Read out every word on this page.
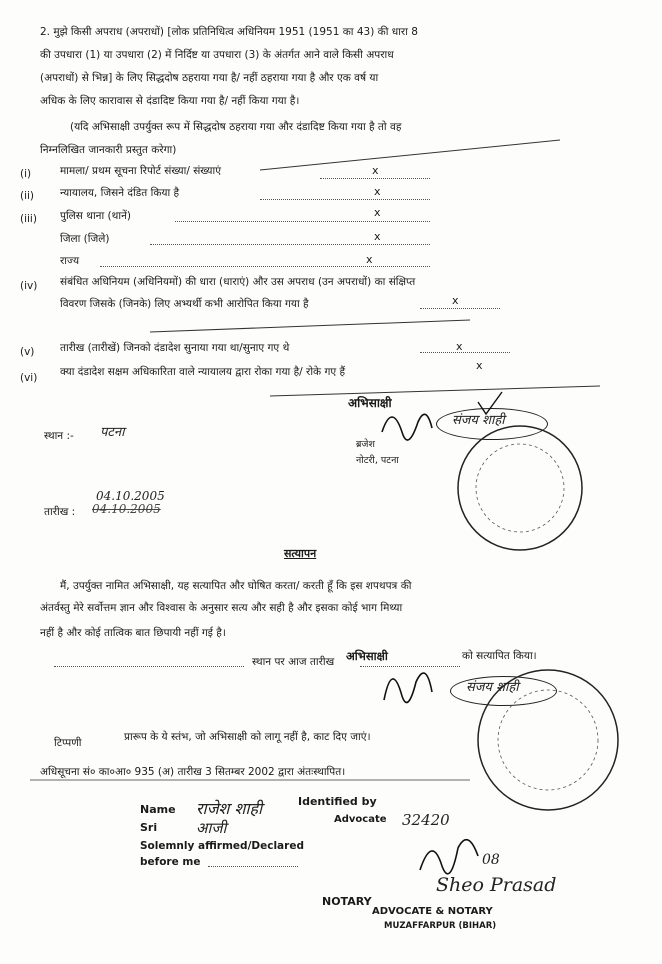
2. मुझे किसी अपराध (अपराधों) [लोक प्रतिनिधित्व अधिनियम 1951 (1951 का 43) की धारा 8
की उपधारा (1) या उपधारा (2) में निर्दिष्ट या उपधारा (3) के अंतर्गत आने वाले किसी अपराध
(अपराधों) से भिन्न] के लिए सिद्धदोष ठहराया गया है/ नहीं ठहराया गया है और एक वर्ष या
अधिक के लिए कारावास से दंडादिष्ट किया गया है/ नहीं किया गया है।
(यदि अभिसाक्षी उपर्युक्त रूप में सिद्धदोष ठहराया गया और दंडादिष्ट किया गया है तो वह
निम्नलिखित जानकारी प्रस्तुत करेगा)
(i)	मामला/ प्रथम सूचना रिपोर्ट संख्या/ संख्याएं	x
(ii) न्यायालय, जिसने दंडित किया है	x
(iii) पुलिस थाना (थानें)	x
जिला (जिले)	x
राज्य	x
(iv) संबंधित अधिनियम (अधिनियमों) की धारा (धाराएं) और उस अपराध (उन अपराधों) का संक्षिप्त
विवरण जिसके (जिनके) लिए अभ्यर्थी कभी आरोपित किया गया है	x
(v) तारीख (तारीखें) जिनको दंडादेश सुनाया गया था/सुनाए गए थे	x
(vi) क्या दंडादेश सक्षम अधिकारिता वाले न्यायालय द्वारा रोका गया है/ रोके गए हैं	x
स्थान :- पटना
04.10.2005
तारीख : 04.10.2005
अभिसाक्षी
संजय शाही
ब्रजेश
नोटरी, पटना
सत्यापन
मैं, उपर्युक्त नामित अभिसाक्षी, यह सत्यापित और घोषित करता/ करती हूँ कि इस शपथपत्र की
अंतर्वस्तु मेरे सर्वोत्तम ज्ञान और विश्वास के अनुसार सत्य और सही है और इसका कोई भाग मिथ्या
नहीं है और कोई तात्विक बात छिपायी नहीं गई है।
स्थान पर आज तारीख	को सत्यापित किया।
अभिसाक्षी
संजय शाही
टिप्पणी	प्रारूप के ये स्तंभ, जो अभिसाक्षी को लागू नहीं है, काट दिए जाएं।
अधिसूचना सं० का०आ० 935 (अ) तारीख 3 सितम्बर 2002 द्वारा अंतःस्थापित।
Name राजेश शाही	Identified by
Sri	आजी	Advocate 32420
Solemnly affirmed/Declared
before me
Sheo Prasad
08
NOTARY
ADVOCATE & NOTARY
MUZAFFARPUR (BIHAR)
